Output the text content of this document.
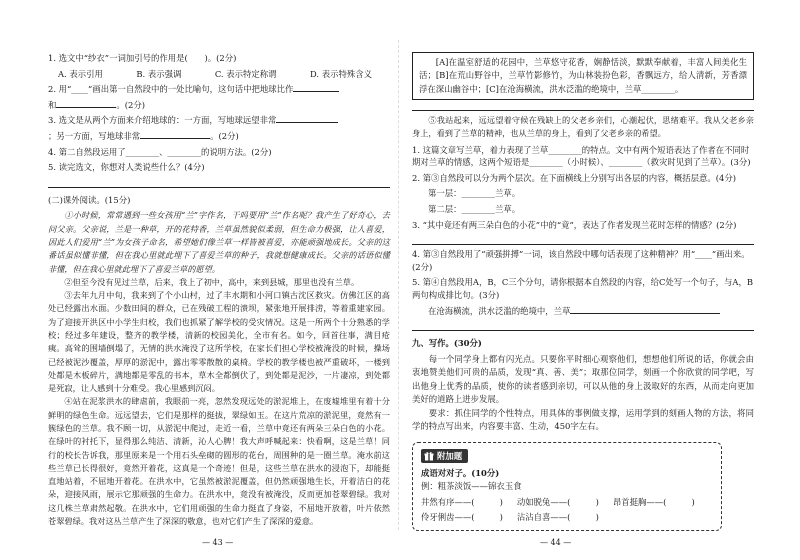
1. 选文中“纱衣”一词加引号的作用是(　　)。(2分)
A. 表示引用	B. 表示强调	C. 表示特定称谓	D. 表示特殊含义
2. 用“____”画出第一自然段中的一处比喻句，这句话中把地球比作
和	。(2分)
3. 选文是从两个方面来介绍地球的：一方面，写地球远望非常
；另一方面，写地球非常	。(2分)
4. 第二自然段运用了________、________的说明方法。(2分)
5. 读完选文，你想对人类说些什么？(4分)
(二)课外阅读。(15分)

①小时候，常常遇到一些女孩用“兰”字作名，干吗要用“兰”作名呢？我产生了好奇心，去问父亲。父亲说，兰是一种草，开的花特香，兰草虽然貌似柔弱，但生命力极强，让人喜爱，因此人们爱用“兰”为女孩子命名，希望她们像兰草一样皆被喜爱，亦能顽强地成长。父亲的这番话虽似懂非懂，但在我心里就此埋下了喜爱兰草的种子，我就想健康成长。父亲的话语似懂非懂，但在我心里就此埋下了喜爱兰草的愿望。

②但至今没有见过兰草，后来，我上了初中，高中，来到县城，那里也没有兰草。

③去年九月中旬，我来到了个小山村，过了丰水期和小河口镇古沈区救灾。仿佛江区的高处已经露出水面。少数田间的群众，已在残破工程的溃坝，紧张地开展排涝，等着重建家园。为了迎接开洪区中小学生归校，我们也抓紧了解学校的受灾情况。这是一所两个十分熟悉的学校；经过多年建设，整齐的教学楼，清新的校园美化，全市有名。如今，回首往事，满目疮痍。高耸的围墙倒塌了，无情的洪水淹没了这所学校，在家长们担心学校被淹没的时候，操场已经被泥沙覆盖，厚厚的淤泥中，露出零零散散的桌椅。学校的教学楼也被严重破坏，一楼到处都是木板碎片，满地都是零乱的书本，草木全都倒伏了，到处都是泥沙，一片凄凉，到处都是死寂，让人感到十分难受。我心里感到沉闷。

④站在泥浆洪水的肆虐前，我眼前一亮，忽然发现远处的淤泥堆上，在废墟堆里有着十分鲜明的绿色生命。远远望去，它们是那样的挺拔，翠绿如玉。在这片荒凉的淤泥里，竟然有一簇绿色的兰草。我不顾一切，从淤泥中爬过，走近一看，兰草中竟还有两朵三朵白色的小花。在绿叶的衬托下，显得那么纯洁、清新，沁人心脾！我大声呼喊起来：快看啊，这是兰草！同行的校长告诉我，那里原来是一个用石头垒砌的圆形的花台，周围种的是一圈兰草。淹水前这些兰草已长得很好，竟然开着花，这真是一个奇迹！但是，这些兰草在洪水的浸泡下，却能挺直地站着，不屈地开着花。在洪水中，它虽然被淤泥覆盖，但仍然顽强地生长，开着洁白的花朵，迎接风雨，展示它那顽强的生命力。在洪水中，竟没有被淹没，反而更加苍翠碧绿。我对这几株兰草肃然起敬。在洪水中，它们用顽强的生命力挺直了身姿，不屈地开放着，叶片依然苍翠碧绿。我对这丛兰草产生了深深的敬意，也对它们产生了深深的爱意。

— 43 —

[A]在温室舒适的花园中，兰草悠守花香，娴静恬淡，默默奉献着，丰富人间美化生活；[B]在荒山野谷中，兰草竹影修竹，为山林装扮色彩，香飘远方，给人清新，芳香漂浮在深山幽谷中；[C]在沧海横流，洪水泛滥的绝境中，兰草________。

⑤我站起来，远远望着守候在残缺上的父老乡亲们，心潮起伏，思绪难平。我从父老乡亲身上，看到了兰草的精神，也从兰草的身上，看到了父老乡亲的希望。

1. 这篇文章写兰草，着力表现了兰草________的特点。文中有两个短语表达了作者在不同时期对兰草的情感，这两个短语是________（小时候）、________（救灾时见到了兰草）。(3分)

2. 第③自然段可以分为两个层次。在下面横线上分别写出各层的内容，概括层意。(4分)

第一层：________兰草。
第二层：________兰草。

3. “其中竟还有两三朵白色的小花”中的“竟”，表达了作者发现兰花时怎样的情感？(2分)

4. 第③自然段用了“顽强拼搏”一词，该自然段中哪句话表现了这种精神？用“____”画出来。(2分)

5. 第④自然段用A，B，C三个分句，请你根据本自然段的内容，给C处写一个句子，与A，B两句构成排比句。(3分)

在沧海横流，洪水泛滥的绝境中，兰草
九、写作。(30分)

每一个同学身上都有闪光点。只要你平时细心观察他们，想想他们所说的话，你就会由衷地赞美他们可贵的品质，发现“真、善、美”；取那位同学，刻画一个你欣赏的同学吧，写出他身上优秀的品质，使你的读者感到亲切，可以从他的身上汲取好的东西，从而走向更加美好的道路上进步发展。

要求：抓住同学的个性特点，用具体的事例做支撑，运用学到的刻画人物的方法，将同学的特点写出来，内容要丰富、生动，450字左右。

附加题
成语对对子。(10分)
例：粗茶淡饭——锦衣玉食
井然有序——(　　　) 动如脱兔——(　　　) 昂首挺胸——(　　　)
伶牙俐齿——(　　　) 沾沾自喜——(　　　)
— 44 —
